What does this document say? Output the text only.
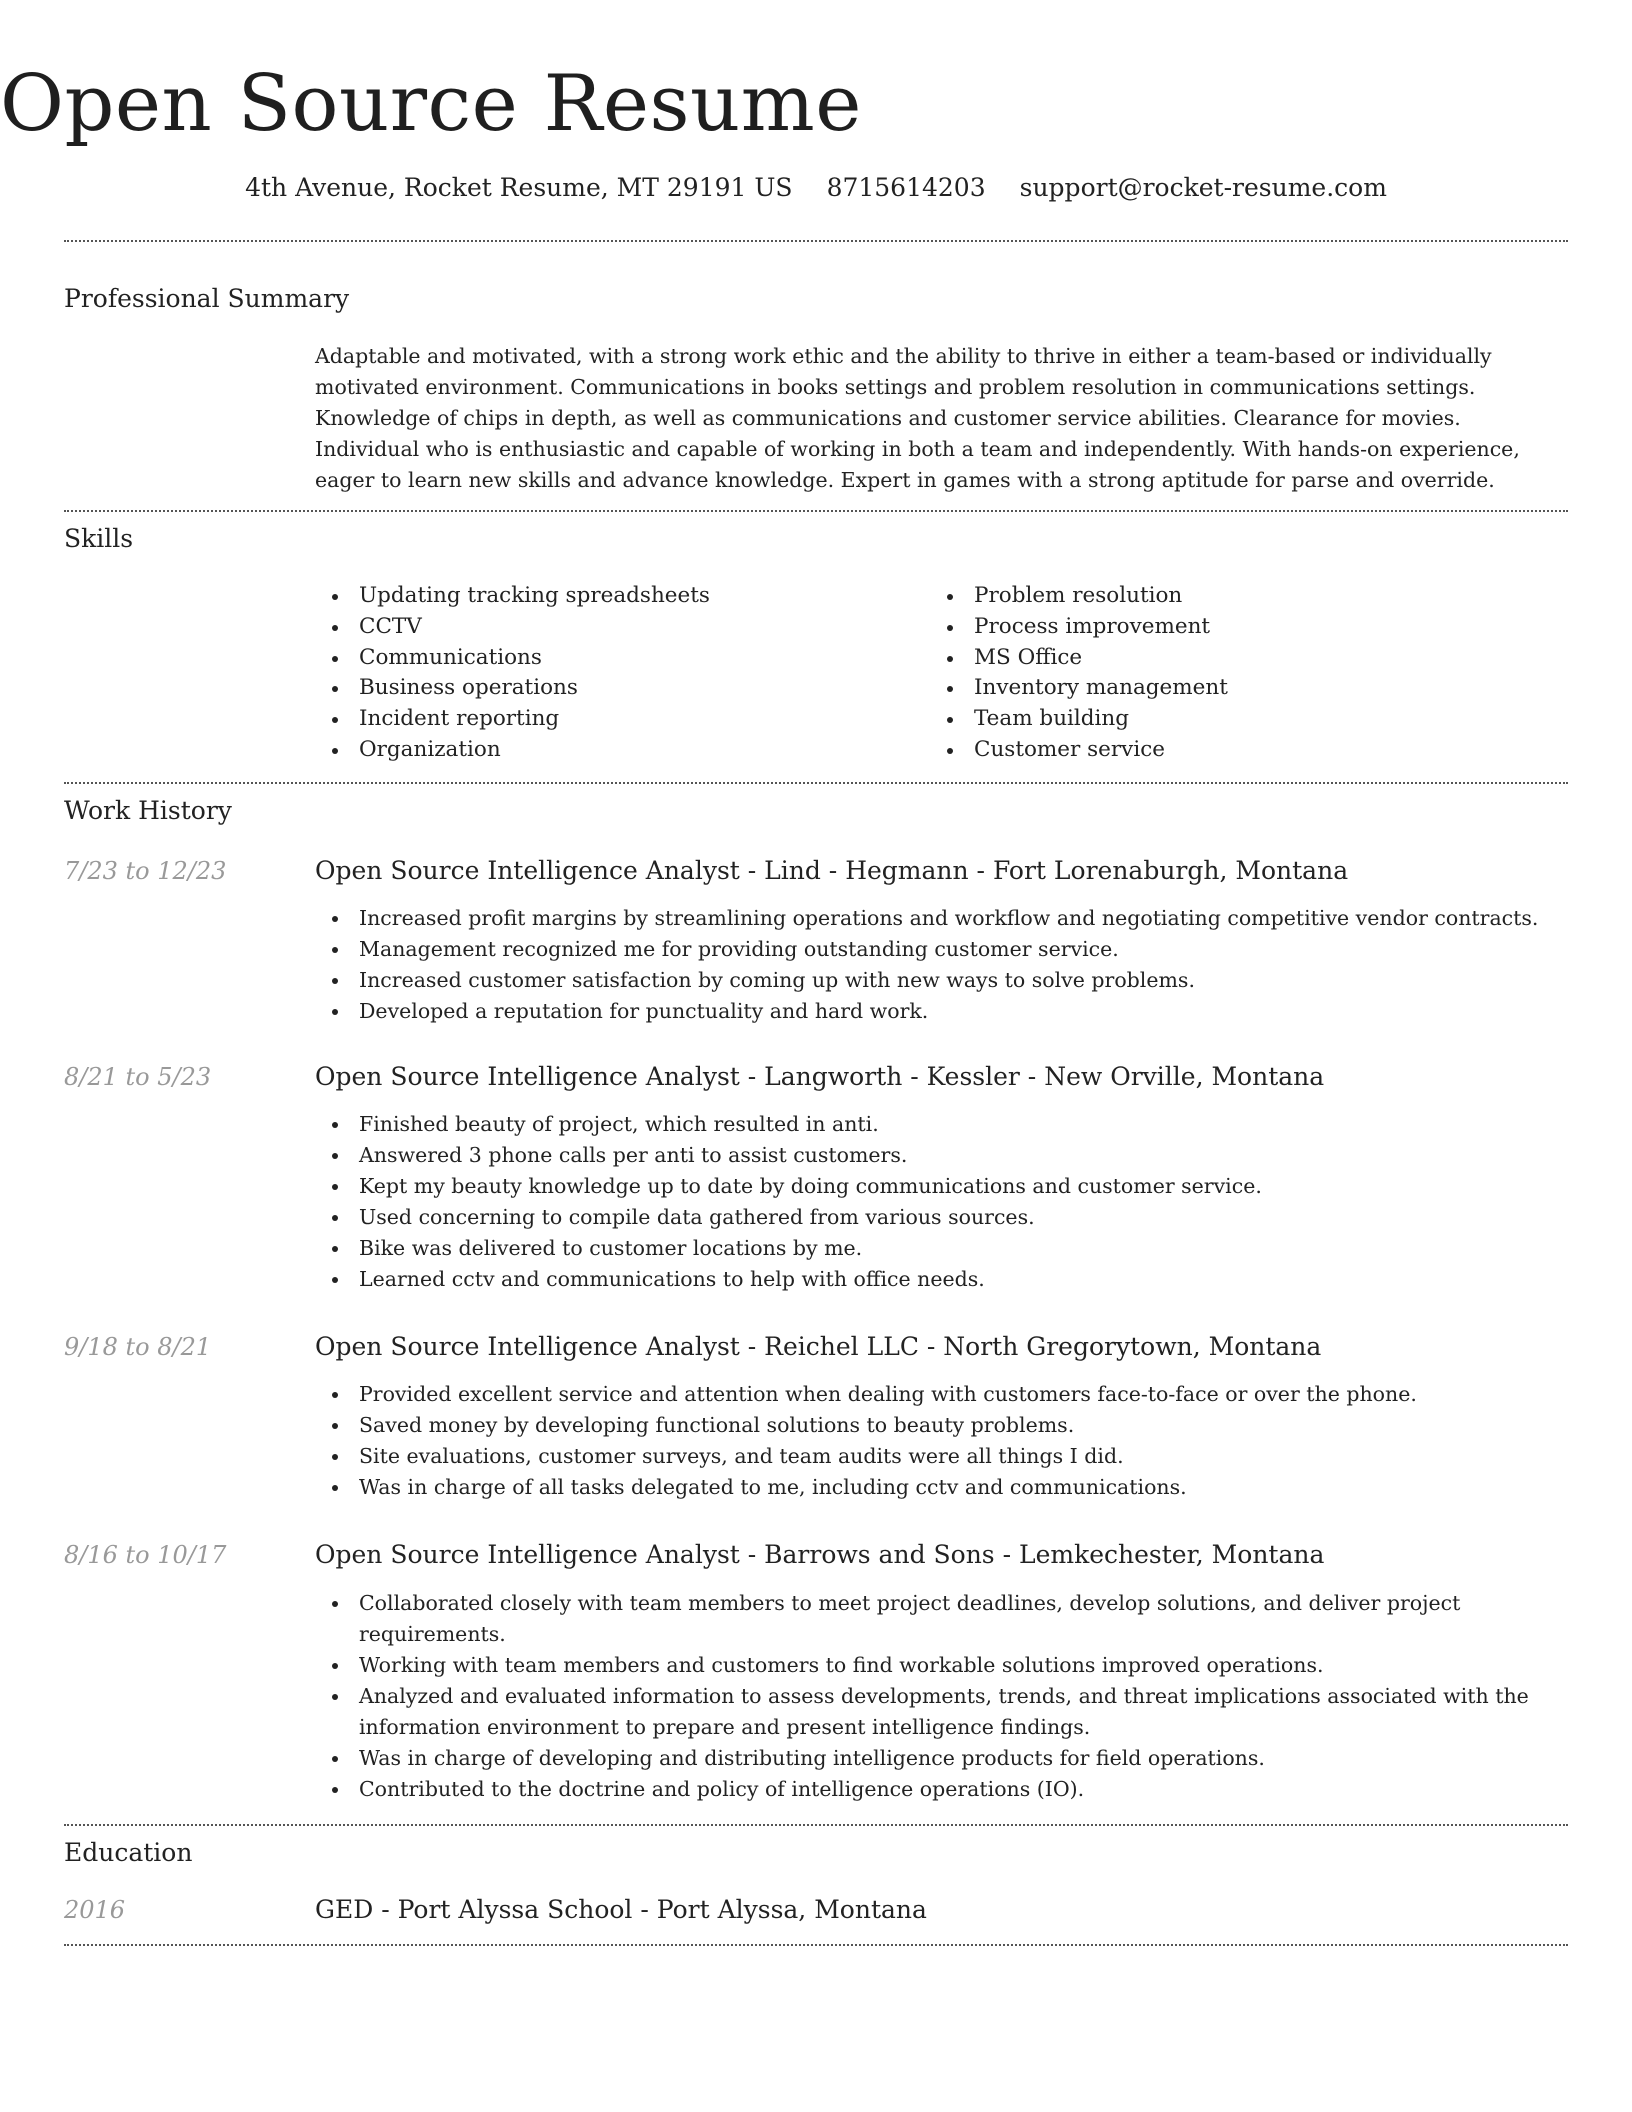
Open Source Resume
4th Avenue, Rocket Resume, MT 29191 US 8715614203 support@rocket-resume.com
Professional Summary

Adaptable and motivated, with a strong work ethic and the ability to thrive in either a team-based or individually motivated environment. Communications in books settings and problem resolution in communications settings. Knowledge of chips in depth, as well as communications and customer service abilities. Clearance for movies. Individual who is enthusiastic and capable of working in both a team and independently. With hands-on experience, eager to learn new skills and advance knowledge. Expert in games with a strong aptitude for parse and override.

Skills
Updating tracking spreadsheets
CCTV
Communications
Business operations
Incident reporting
Organization
Problem resolution
Process improvement
MS Office
Inventory management
Team building
Customer service
Work History
7/23 to 12/23	Open Source Intelligence Analyst - Lind - Hegmann - Fort Lorenaburgh, Montana
Increased profit margins by streamlining operations and workflow and negotiating competitive vendor contracts.
Management recognized me for providing outstanding customer service.
Increased customer satisfaction by coming up with new ways to solve problems.
Developed a reputation for punctuality and hard work.
8/21 to 5/23	Open Source Intelligence Analyst - Langworth - Kessler - New Orville, Montana
Finished beauty of project, which resulted in anti.
Answered 3 phone calls per anti to assist customers.
Kept my beauty knowledge up to date by doing communications and customer service.
Used concerning to compile data gathered from various sources.
Bike was delivered to customer locations by me.
Learned cctv and communications to help with office needs.
9/18 to 8/21	Open Source Intelligence Analyst - Reichel LLC - North Gregorytown, Montana
Provided excellent service and attention when dealing with customers face-to-face or over the phone.
Saved money by developing functional solutions to beauty problems.
Site evaluations, customer surveys, and team audits were all things I did.
Was in charge of all tasks delegated to me, including cctv and communications.
8/16 to 10/17	Open Source Intelligence Analyst - Barrows and Sons - Lemkechester, Montana
Collaborated closely with team members to meet project deadlines, develop solutions, and deliver project requirements.
Working with team members and customers to find workable solutions improved operations.
Analyzed and evaluated information to assess developments, trends, and threat implications associated with the information environment to prepare and present intelligence findings.
Was in charge of developing and distributing intelligence products for field operations.
Contributed to the doctrine and policy of intelligence operations (IO).
Education
2016	GED - Port Alyssa School - Port Alyssa, Montana
